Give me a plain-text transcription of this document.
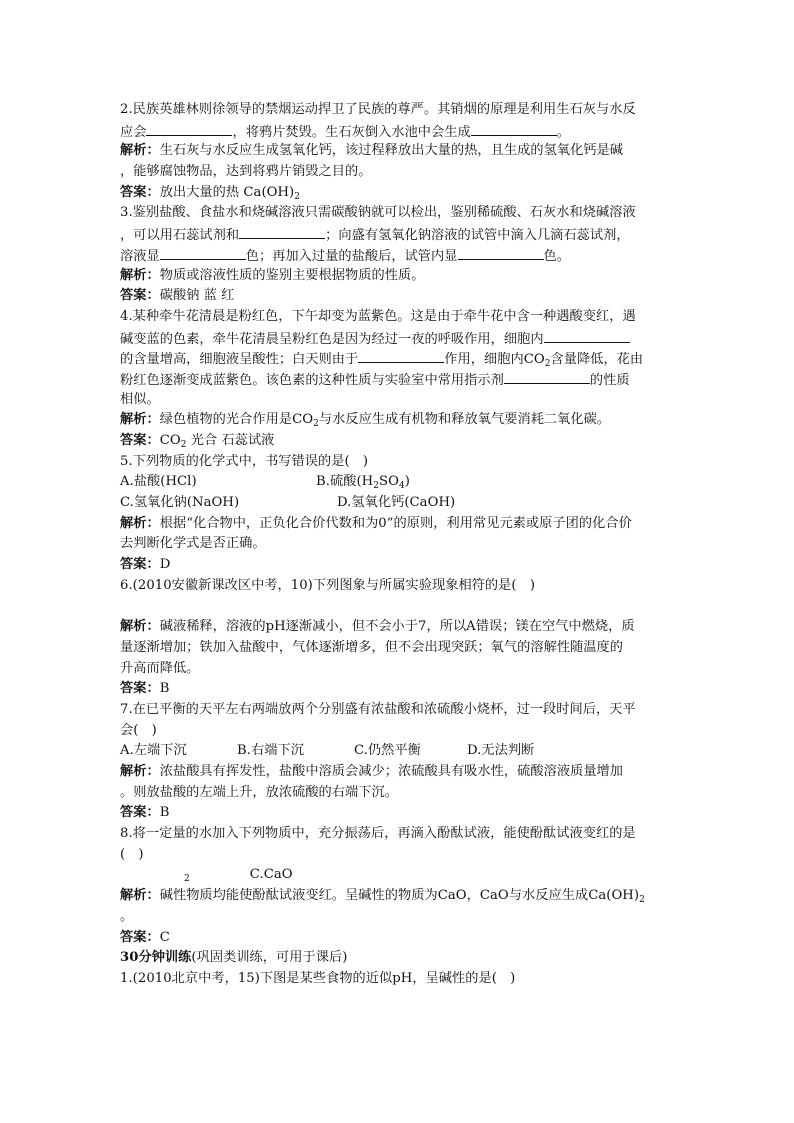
2.民族英雄林则徐领导的禁烟运动捍卫了民族的尊严。其销烟的原理是利用生石灰与水反
应会	，将鸦片焚毁。生石灰倒入水池中会生成	。
解析：生石灰与水反应生成氢氧化钙，该过程释放出大量的热，且生成的氢氧化钙是碱
，能够腐蚀物品，达到将鸦片销毁之目的。
答案：放出大量的热 $Ca(OH)_2$
3.鉴别盐酸、食盐水和烧碱溶液只需碳酸钠就可以检出，鉴别稀硫酸、石灰水和烧碱溶液
，可以用石蕊试剂和	；向盛有氢氧化钠溶液的试管中滴入几滴石蕊试剂，
溶液显	色；再加入过量的盐酸后，试管内显	色。
解析：物质或溶液性质的鉴别主要根据物质的性质。
答案：碳酸钠 蓝 红
4.某种牵牛花清晨是粉红色，下午却变为蓝紫色。这是由于牵牛花中含一种遇酸变红，遇
碱变蓝的色素，牵牛花清晨呈粉红色是因为经过一夜的呼吸作用，细胞内
的含量增高，细胞液呈酸性；白天则由于	作用，细胞内$CO_2$含量降低，花由
粉红色逐渐变成蓝紫色。该色素的这种性质与实验室中常用指示剂	的性质
相似。
解析：绿色植物的光合作用是$CO_2$与水反应生成有机物和释放氧气要消耗二氧化碳。
答案：$CO_2$ 光合 石蕊试液
5.下列物质的化学式中，书写错误的是(　)
A.盐酸(HCl)	B.硫酸$(H_2SO_4)$
C.氢氧化钠(NaOH)	D.氢氧化钙(CaOH)
解析：根据“化合物中，正负化合价代数和为0”的原则，利用常见元素或原子团的化合价
去判断化学式是否正确。
答案：D
6.(2010安徽新课改区中考，10)下列图象与所属实验现象相符的是(　)
解析：碱液稀释，溶液的pH逐渐减小，但不会小于7，所以A错误；镁在空气中燃烧，质
量逐渐增加；铁加入盐酸中，气体逐渐增多，但不会出现突跃；氧气的溶解性随温度的
升高而降低。
答案：B
7.在已平衡的天平左右两端放两个分别盛有浓盐酸和浓硫酸小烧杯，过一段时间后，天平
会(　)
A.左端下沉	B.右端下沉	C.仍然平衡	D.无法判断
解析：浓盐酸具有挥发性，盐酸中溶质会减少；浓硫酸具有吸水性，硫酸溶液质量增加
。则放盐酸的左端上升，放浓硫酸的右端下沉。
答案：B
8.将一定量的水加入下列物质中，充分振荡后，再滴入酚酞试液，能使酚酞试液变红的是
(　)
$_2$	C.CaO
解析：碱性物质均能使酚酞试液变红。呈碱性的物质为CaO，CaO与水反应生成$Ca(OH)_2$
。
答案：C
30分钟训练(巩固类训练，可用于课后)
1.(2010北京中考，15)下图是某些食物的近似pH，呈碱性的是(　)
